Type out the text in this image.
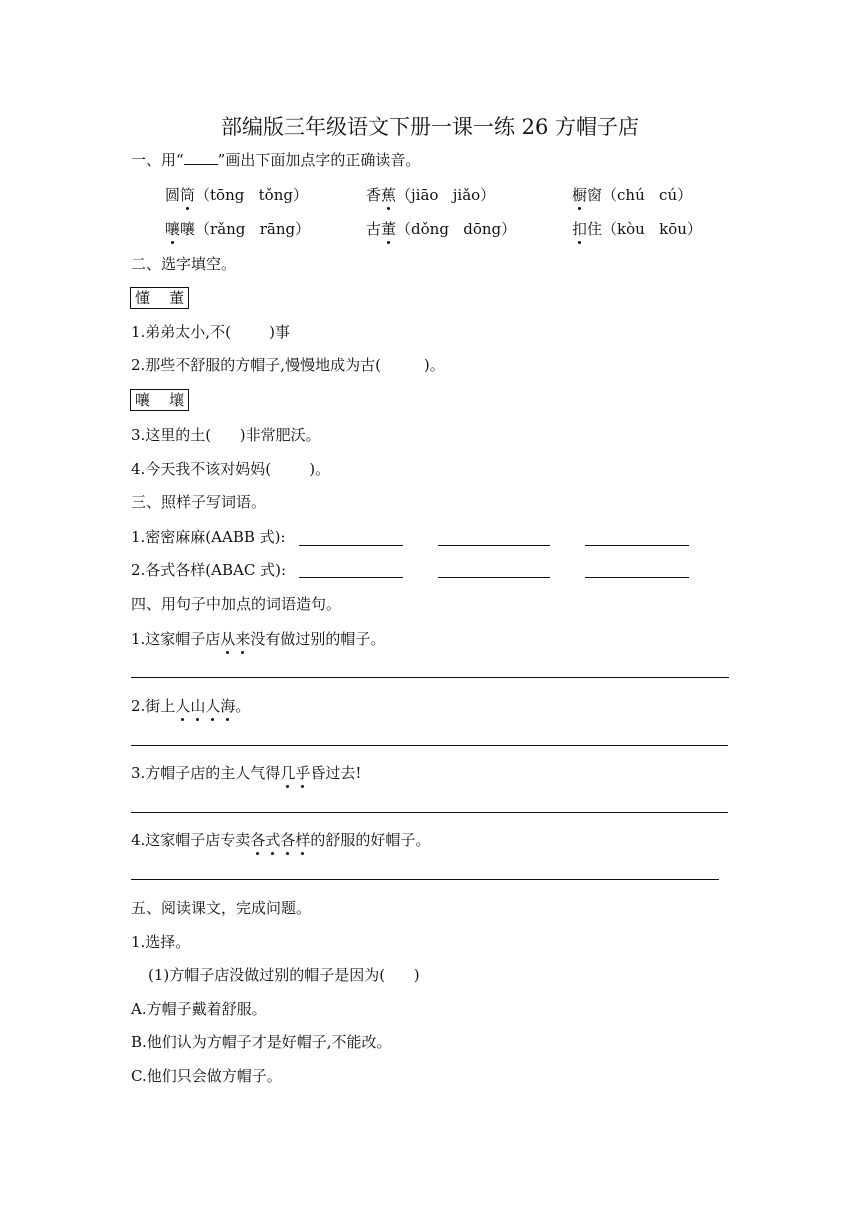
部编版三年级语文下册一课一练 26 方帽子店
一、用“ ”画出下面加点字的正确读音。
圆筒（tōng   tǒng）	香蕉（jiāo   jiǎo）	橱窗（chú   cú）
嚷嚷（rǎng   rāng）	古董（dǒng   dōng）	扣住（kòu   kōu）
二、选字填空。
懂    董
1.弟弟太小,不(        )事
2.那些不舒服的方帽子,慢慢地成为古(         )。
嚷    壤
3.这里的土(      )非常肥沃。
4.今天我不该对妈妈(        )。
三、照样子写词语。
1.密密麻麻(AABB 式):
2.各式各样(ABAC 式):
四、用句子中加点的词语造句。
1.这家帽子店从来没有做过别的帽子。
2.街上人山人海。
3.方帽子店的主人气得几乎昏过去!
4.这家帽子店专卖各式各样的舒服的好帽子。
五、阅读课文，完成问题。
1.选择。
(1)方帽子店没做过别的帽子是因为(      )
A.方帽子戴着舒服。
B.他们认为方帽子才是好帽子,不能改。
C.他们只会做方帽子。
